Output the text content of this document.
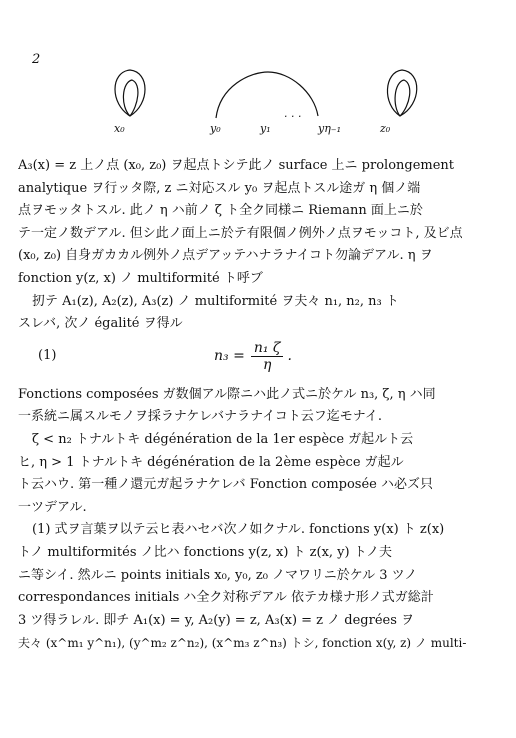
2
x₀	y₀	y₁
· · ·
yη₋₁	z₀
A₃(x) = z 上ノ点 (x₀, z₀) ヲ起点トシテ此ノ surface 上ニ prolongement
analytique ヲ行ッタ際, z ニ対応スル y₀ ヲ起点トスル途ガ η 個ノ端
点ヲモッタトスル. 此ノ η ハ前ノ ζ ト全ク同様ニ Riemann 面上ニ於
テ一定ノ数デアル. 但シ此ノ面上ニ於テ有限個ノ例外ノ点ヲモッコト, 及ビ点
(x₀, z₀) 自身ガカカル例外ノ点デアッテハナラナイコト勿論デアル. η ヲ
fonction y(z, x) ノ multiformité ト呼ブ
扨テ A₁(z), A₂(z), A₃(z) ノ multiformité ヲ夫々 n₁, n₂, n₃ ト
スレバ, 次ノ égalité ヲ得ル
(1)	$n_3 = \frac{\text{n₁ ζ}}{\eta}$ .
Fonctions composées ガ数個アル際ニハ此ノ式ニ於ケル n₃, ζ, η ハ同
一系統ニ属スルモノヲ採ラナケレバナラナイコト云フ迄モナイ.
ζ < n₂ トナルトキ dégénération de la 1er espèce ガ起ルト云
ヒ, η > 1 トナルトキ dégénération de la 2ème espèce ガ起ル
ト云ハウ. 第一種ノ還元ガ起ラナケレバ Fonction composée ハ必ズ只
一ツデアル.
(1) 式ヲ言葉ヲ以テ云ヒ表ハセバ次ノ如クナル. fonctions y(x) ト z(x)
トノ multiformités ノ比ハ fonctions y(z, x) ト z(x, y) トノ夫
ニ等シイ. 然ルニ points initials x₀, y₀, z₀ ノマワリニ於ケル 3 ツノ
correspondances initials ハ全ク対称デアル 依テカ様ナ形ノ式ガ総計
3 ツ得ラレル. 即チ A₁(x) = y, A₂(y) = z, A₃(x) = z ノ degrées ヲ
夫々 (x^m₁ y^n₁), (y^m₂ z^n₂), (x^m₃ z^n₃) トシ, fonction x(y, z) ノ multi-
